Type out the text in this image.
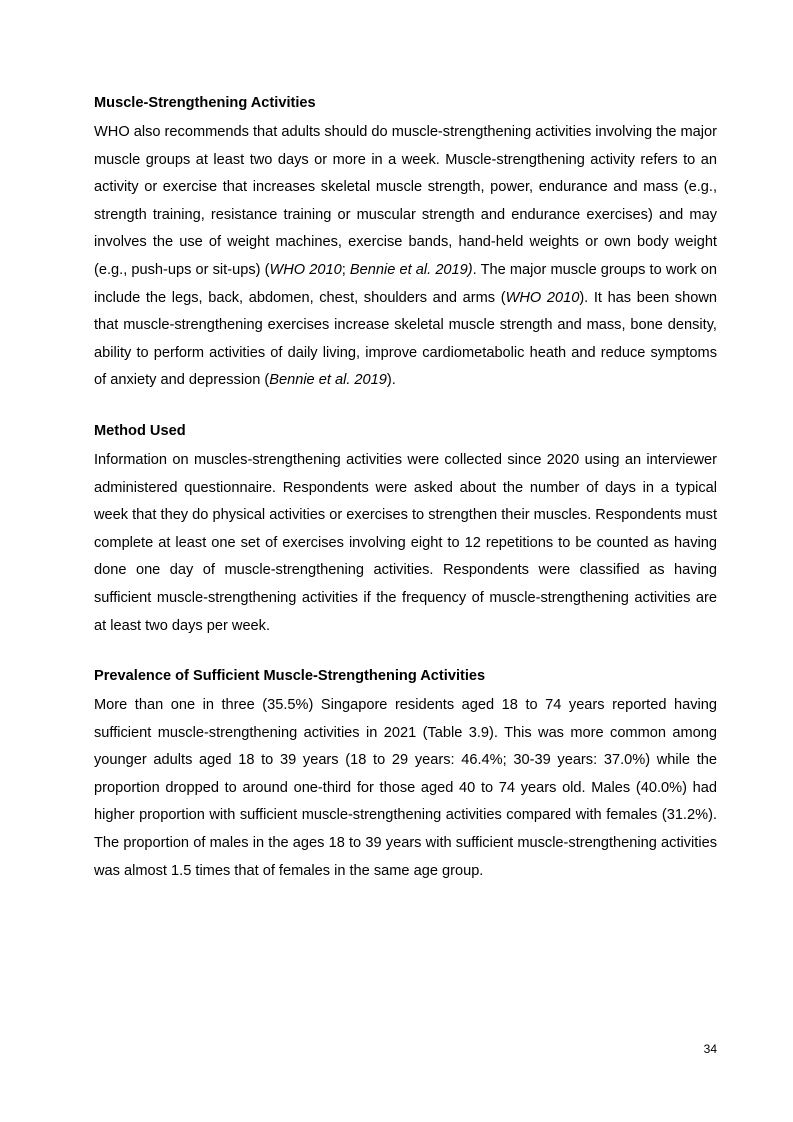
Muscle-Strengthening Activities

WHO also recommends that adults should do muscle-strengthening activities involving the major muscle groups at least two days or more in a week. Muscle-strengthening activity refers to an activity or exercise that increases skeletal muscle strength, power, endurance and mass (e.g., strength training, resistance training or muscular strength and endurance exercises) and may involves the use of weight machines, exercise bands, hand-held weights or own body weight (e.g., push-ups or sit-ups) (WHO 2010; Bennie et al. 2019). The major muscle groups to work on include the legs, back, abdomen, chest, shoulders and arms (WHO 2010). It has been shown that muscle-strengthening exercises increase skeletal muscle strength and mass, bone density, ability to perform activities of daily living, improve cardiometabolic heath and reduce symptoms of anxiety and depression (Bennie et al. 2019).

Method Used

Information on muscles-strengthening activities were collected since 2020 using an interviewer administered questionnaire. Respondents were asked about the number of days in a typical week that they do physical activities or exercises to strengthen their muscles. Respondents must complete at least one set of exercises involving eight to 12 repetitions to be counted as having done one day of muscle-strengthening activities. Respondents were classified as having sufficient muscle-strengthening activities if the frequency of muscle-strengthening activities are at least two days per week.

Prevalence of Sufficient Muscle-Strengthening Activities

More than one in three (35.5%) Singapore residents aged 18 to 74 years reported having sufficient muscle-strengthening activities in 2021 (Table 3.9). This was more common among younger adults aged 18 to 39 years (18 to 29 years: 46.4%; 30-39 years: 37.0%) while the proportion dropped to around one-third for those aged 40 to 74 years old. Males (40.0%) had higher proportion with sufficient muscle-strengthening activities compared with females (31.2%). The proportion of males in the ages 18 to 39 years with sufficient muscle-strengthening activities was almost 1.5 times that of females in the same age group.

34
